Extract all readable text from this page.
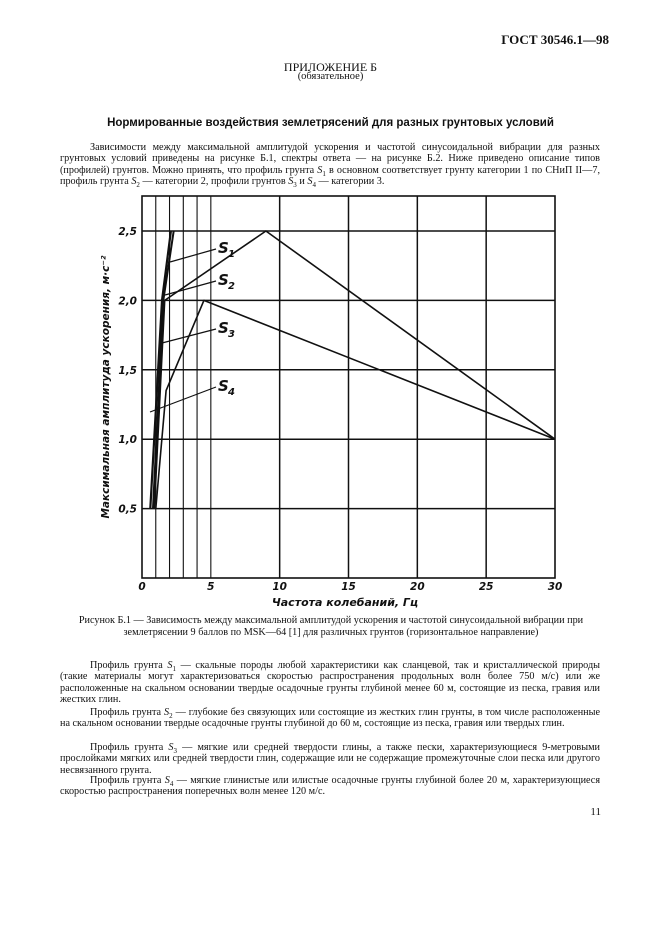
ГОСТ 30546.1—98
ПРИЛОЖЕНИЕ Б
(обязательное)
Нормированные воздействия землетрясений для разных грунтовых условий
Зависимости между максимальной амплитудой ускорения и частотой синусоидальной вибрации для разных грунтовых условий приведены на рисунке Б.1, спектры ответа — на рисунке Б.2. Ниже приведено описание типов (профилей) грунтов. Можно принять, что профиль грунта $S_1$ в основном соответствует грунту категории 1 по СНиП II—7, профиль грунта $S_2$ — категории 2, профили грунтов $S_3$ и $S_4$ — категории 3.
0	5	10	15	20	25	30
0,5
1,0
1,5
2,0
2,5
S 1
S 2
S 3
S 4
Частота колебаний, Гц
Максимальная амплитуда ускорения, м·с⁻²
Рисунок Б.1 — Зависимость между максимальной амплитудой ускорения и частотой синусоидальной вибрации при землетрясении 9 баллов по MSK—64 [1] для различных грунтов (горизонтальное направление)
Профиль грунта $S_1$ — скальные породы любой характеристики как сланцевой, так и кристаллической природы (такие материалы могут характеризоваться скоростью распространения продольных волн более 750 м/с) или же расположенные на скальном основании твердые осадочные грунты глубиной менее 60 м, состоящие из песка, гравия или жестких глин.
Профиль грунта $S_2$ — глубокие без связующих или состоящие из жестких глин грунты, в том числе расположенные на скальном основании твердые осадочные грунты глубиной до 60 м, состоящие из песка, гравия или твердых глин.
Профиль грунта $S_3$ — мягкие или средней твердости глины, а также пески, характеризующиеся 9-метровыми прослойками мягких или средней твердости глин, содержащие или не содержащие промежуточные слои песка или другого несвязанного грунта.
Профиль грунта $S_4$ — мягкие глинистые или илистые осадочные грунты глубиной более 20 м, характеризующиеся скоростью распространения поперечных волн менее 120 м/с.
11
